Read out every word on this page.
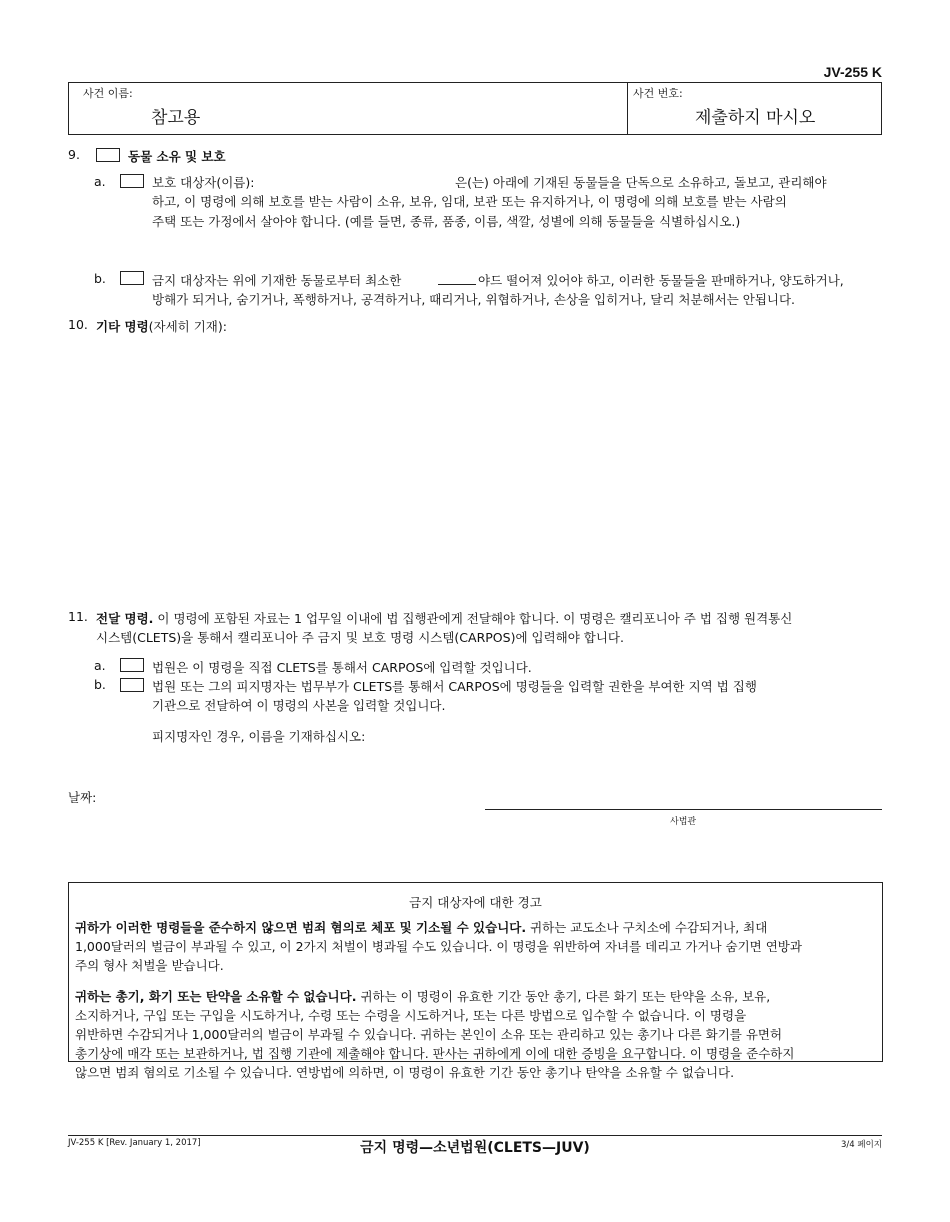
JV-255 K
사건 이름:
참고용
사건 번호:
제출하지 마시오
9.	동물 소유 및 보호
a.	보호 대상자(이름):	은(는) 아래에 기재된 동물들을 단독으로 소유하고, 돌보고, 관리해야
하고, 이 명령에 의해 보호를 받는 사람이 소유, 보유, 임대, 보관 또는 유지하거나, 이 명령에 의해 보호를 받는 사람의
주택 또는 가정에서 살아야 합니다. (예를 들면, 종류, 품종, 이름, 색깔, 성별에 의해 동물들을 식별하십시오.)
b.	금지 대상자는 위에 기재한 동물로부터 최소한	야드 떨어져 있어야 하고, 이러한 동물들을 판매하거나, 양도하거나,
방해가 되거나, 숨기거나, 폭행하거나, 공격하거나, 때리거나, 위협하거나, 손상을 입히거나, 달리 처분해서는 안됩니다.
10. 기타 명령(자세히 기재):
11. 전달 명령. 이 명령에 포함된 자료는 1 업무일 이내에 법 집행관에게 전달해야 합니다. 이 명령은 캘리포니아 주 법 집행 원격통신
시스템(CLETS)을 통해서 캘리포니아 주 금지 및 보호 명령 시스템(CARPOS)에 입력해야 합니다.
a.	법원은 이 명령을 직접 CLETS를 통해서 CARPOS에 입력할 것입니다.
b.	법원 또는 그의 피지명자는 법무부가 CLETS를 통해서 CARPOS에 명령들을 입력할 권한을 부여한 지역 법 집행
기관으로 전달하여 이 명령의 사본을 입력할 것입니다.
피지명자인 경우, 이름을 기재하십시오:
날짜:
사법관
금지 대상자에 대한 경고
귀하가 이러한 명령들을 준수하지 않으면 범죄 혐의로 체포 및 기소될 수 있습니다. 귀하는 교도소나 구치소에 수감되거나, 최대
1,000달러의 벌금이 부과될 수 있고, 이 2가지 처벌이 병과될 수도 있습니다. 이 명령을 위반하여 자녀를 데리고 가거나 숨기면 연방과
주의 형사 처벌을 받습니다.
귀하는 총기, 화기 또는 탄약을 소유할 수 없습니다. 귀하는 이 명령이 유효한 기간 동안 총기, 다른 화기 또는 탄약을 소유, 보유,
소지하거나, 구입 또는 구입을 시도하거나, 수령 또는 수령을 시도하거나, 또는 다른 방법으로 입수할 수 없습니다. 이 명령을
위반하면 수감되거나 1,000달러의 벌금이 부과될 수 있습니다. 귀하는 본인이 소유 또는 관리하고 있는 총기나 다른 화기를 유면허
총기상에 매각 또는 보관하거나, 법 집행 기관에 제출해야 합니다. 판사는 귀하에게 이에 대한 증빙을 요구합니다. 이 명령을 준수하지
않으면 범죄 혐의로 기소될 수 있습니다. 연방법에 의하면, 이 명령이 유효한 기간 동안 총기나 탄약을 소유할 수 없습니다.
JV-255 K [Rev. January 1, 2017]	금지 명령—소년법원(CLETS—JUV)	3/4 페이지
